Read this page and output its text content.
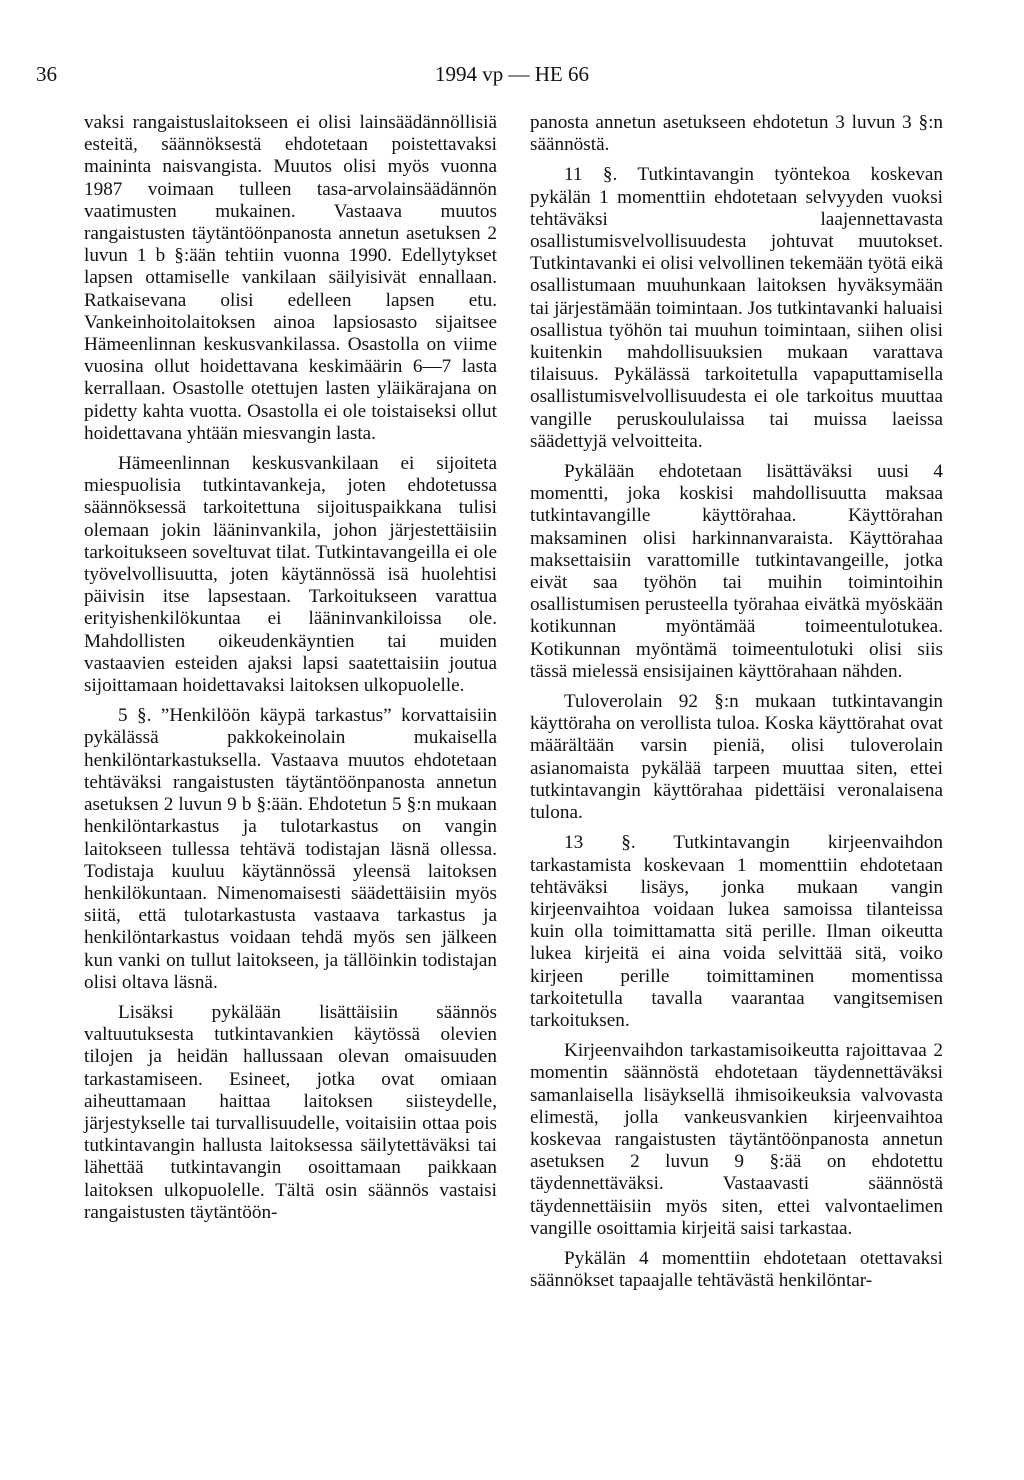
36	1994 vp — HE 66

vaksi rangaistuslaitokseen ei olisi lainsäädännöllisiä esteitä, säännöksestä ehdotetaan poistettavaksi maininta naisvangista. Muutos olisi myös vuonna 1987 voimaan tulleen tasa-arvolainsäädännön vaatimusten mukainen. Vastaava muutos rangaistusten täytäntöönpanosta annetun asetuksen 2 luvun 1 b §:ään tehtiin vuonna 1990. Edellytykset lapsen ottamiselle vankilaan säilyisivät ennallaan. Ratkaisevana olisi edelleen lapsen etu. Vankeinhoitolaitoksen ainoa lapsiosasto sijaitsee Hämeenlinnan keskusvankilassa. Osastolla on viime vuosina ollut hoidettavana keskimäärin 6—7 lasta kerrallaan. Osastolle otettujen lasten yläikärajana on pidetty kahta vuotta. Osastolla ei ole toistaiseksi ollut hoidettavana yhtään miesvangin lasta.

Hämeenlinnan keskusvankilaan ei sijoiteta miespuolisia tutkintavankeja, joten ehdotetussa säännöksessä tarkoitettuna sijoituspaikkana tulisi olemaan jokin lääninvankila, johon järjestettäisiin tarkoitukseen soveltuvat tilat. Tutkintavangeilla ei ole työvelvollisuutta, joten käytännössä isä huolehtisi päivisin itse lapsestaan. Tarkoitukseen varattua erityishenkilökuntaa ei lääninvankiloissa ole. Mahdollisten oikeudenkäyntien tai muiden vastaavien esteiden ajaksi lapsi saatettaisiin joutua sijoittamaan hoidettavaksi laitoksen ulkopuolelle.

5 §. ”Henkilöön käypä tarkastus” korvattaisiin pykälässä pakkokeinolain mukaisella henkilöntarkastuksella. Vastaava muutos ehdotetaan tehtäväksi rangaistusten täytäntöönpanosta annetun asetuksen 2 luvun 9 b §:ään. Ehdotetun 5 §:n mukaan henkilöntarkastus ja tulotarkastus on vangin laitokseen tullessa tehtävä todistajan läsnä ollessa. Todistaja kuuluu käytännössä yleensä laitoksen henkilökuntaan. Nimenomaisesti säädettäisiin myös siitä, että tulotarkastusta vastaava tarkastus ja henkilöntarkastus voidaan tehdä myös sen jälkeen kun vanki on tullut laitokseen, ja tällöinkin todistajan olisi oltava läsnä.

Lisäksi pykälään lisättäisiin säännös valtuutuksesta tutkintavankien käytössä olevien tilojen ja heidän hallussaan olevan omaisuuden tarkastamiseen. Esineet, jotka ovat omiaan aiheuttamaan haittaa laitoksen siisteydelle, järjestykselle tai turvallisuudelle, voitaisiin ottaa pois tutkintavangin hallusta laitoksessa säilytettäväksi tai lähettää tutkintavangin osoittamaan paikkaan laitoksen ulkopuolelle. Tältä osin säännös vastaisi rangaistusten täytäntöön-

panosta annetun asetukseen ehdotetun 3 luvun 3 §:n säännöstä.

11 §. Tutkintavangin työntekoa koskevan pykälän 1 momenttiin ehdotetaan selvyyden vuoksi tehtäväksi laajennettavasta osallistumisvelvollisuudesta johtuvat muutokset. Tutkintavanki ei olisi velvollinen tekemään työtä eikä osallistumaan muuhunkaan laitoksen hyväksymään tai järjestämään toimintaan. Jos tutkintavanki haluaisi osallistua työhön tai muuhun toimintaan, siihen olisi kuitenkin mahdollisuuksien mukaan varattava tilaisuus. Pykälässä tarkoitetulla vapaputtamisella osallistumisvelvollisuudesta ei ole tarkoitus muuttaa vangille peruskoululaissa tai muissa laeissa säädettyjä velvoitteita.

Pykälään ehdotetaan lisättäväksi uusi 4 momentti, joka koskisi mahdollisuutta maksaa tutkintavangille käyttörahaa. Käyttörahan maksaminen olisi harkinnanvaraista. Käyttörahaa maksettaisiin varattomille tutkintavangeille, jotka eivät saa työhön tai muihin toimintoihin osallistumisen perusteella työrahaa eivätkä myöskään kotikunnan myöntämää toimeentulotukea. Kotikunnan myöntämä toimeentulotuki olisi siis tässä mielessä ensisijainen käyttörahaan nähden.

Tuloverolain 92 §:n mukaan tutkintavangin käyttöraha on verollista tuloa. Koska käyttörahat ovat määrältään varsin pieniä, olisi tuloverolain asianomaista pykälää tarpeen muuttaa siten, ettei tutkintavangin käyttörahaa pidettäisi veronalaisena tulona.

13 §. Tutkintavangin kirjeenvaihdon tarkastamista koskevaan 1 momenttiin ehdotetaan tehtäväksi lisäys, jonka mukaan vangin kirjeenvaihtoa voidaan lukea samoissa tilanteissa kuin olla toimittamatta sitä perille. Ilman oikeutta lukea kirjeitä ei aina voida selvittää sitä, voiko kirjeen perille toimittaminen momentissa tarkoitetulla tavalla vaarantaa vangitsemisen tarkoituksen.

Kirjeenvaihdon tarkastamisoikeutta rajoittavaa 2 momentin säännöstä ehdotetaan täydennettäväksi samanlaisella lisäyksellä ihmisoikeuksia valvovasta elimestä, jolla vankeusvankien kirjeenvaihtoa koskevaa rangaistusten täytäntöönpanosta annetun asetuksen 2 luvun 9 §:ää on ehdotettu täydennettäväksi. Vastaavasti säännöstä täydennettäisiin myös siten, ettei valvontaelimen vangille osoittamia kirjeitä saisi tarkastaa.

Pykälän 4 momenttiin ehdotetaan otettavaksi säännökset tapaajalle tehtävästä henkilöntar-
